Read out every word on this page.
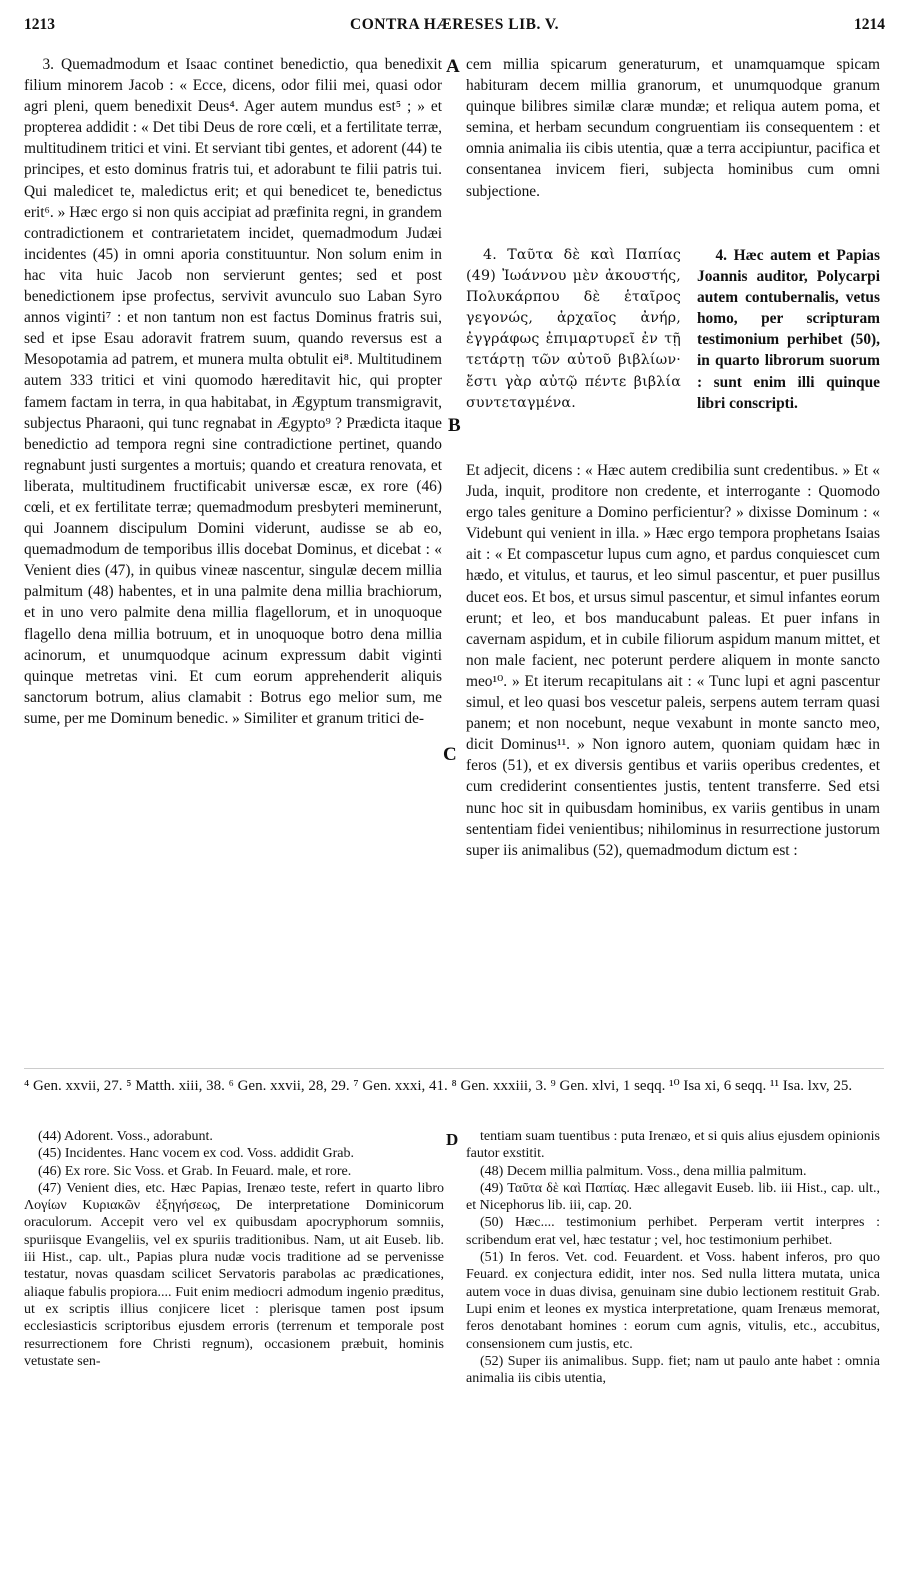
1213	CONTRA HÆRESES LIB. V.	1214

3. Quemadmodum et Isaac continet benedictio, qua benedixit filium minorem Jacob : « Ecce, dicens, odor filii mei, quasi odor agri pleni, quem benedixit Deus⁴. Ager autem mundus est⁵ ; » et propterea addidit : « Det tibi Deus de rore cœli, et a fertilitate terræ, multitudinem tritici et vini. Et serviant tibi gentes, et adorent (44) te principes, et esto dominus fratris tui, et adorabunt te filii patris tui. Qui maledicet te, maledictus erit; et qui benedicet te, benedictus erit⁶. » Hæc ergo si non quis accipiat ad præfinita regni, in grandem contradictionem et contrarietatem incidet, quemadmodum Judæi incidentes (45) in omni aporia constituuntur. Non solum enim in hac vita huic Jacob non servierunt gentes; sed et post benedictionem ipse profectus, servivit avunculo suo Laban Syro annos viginti⁷ : et non tantum non est factus Dominus fratris sui, sed et ipse Esau adoravit fratrem suum, quando reversus est a Mesopotamia ad patrem, et munera multa obtulit ei⁸. Multitudinem autem 333 tritici et vini quomodo hæreditavit hic, qui propter famem factam in terra, in qua habitabat, in Ægyptum transmigravit, subjectus Pharaoni, qui tunc regnabat in Ægypto⁹ ? Prædicta itaque benedictio ad tempora regni sine contradictione pertinet, quando regnabunt justi surgentes a mortuis; quando et creatura renovata, et liberata, multitudinem fructificabit universæ escæ, ex rore (46) cœli, et ex fertilitate terræ; quemadmodum presbyteri meminerunt, qui Joannem discipulum Domini viderunt, audisse se ab eo, quemadmodum de temporibus illis docebat Dominus, et dicebat : « Venient dies (47), in quibus vineæ nascentur, singulæ decem millia palmitum (48) habentes, et in una palmite dena millia brachiorum, et in uno vero palmite dena millia flagellorum, et in unoquoque flagello dena millia botruum, et in unoquoque botro dena millia acinorum, et unumquodque acinum expressum dabit viginti quinque metretas vini. Et cum eorum apprehenderit aliquis sanctorum botrum, alius clamabit : Botrus ego melior sum, me sume, per me Dominum benedic. » Similiter et granum tritici de-

A
B
C

cem millia spicarum generaturum, et unamquamque spicam habituram decem millia granorum, et unumquodque granum quinque bilibres similæ claræ mundæ; et reliqua autem poma, et semina, et herbam secundum congruentiam iis consequentem : et omnia animalia iis cibis utentia, quæ a terra accipiuntur, pacifica et consentanea invicem fieri, subjecta hominibus cum omni subjectione.

4. Ταῦτα δὲ καὶ Παπίας (49) Ἰωάννου μὲν ἀκουστής, Πολυκάρπου δὲ ἑταῖρος γεγονώς, ἀρχαῖος ἀνήρ, ἐγγράφως ἐπιμαρτυρεῖ ἐν τῇ τετάρτῃ τῶν αὐτοῦ βιβλίων· ἔστι γὰρ αὐτῷ πέντε βιβλία συντεταγμένα.

4. Hæc autem et Papias Joannis auditor, Polycarpi autem contubernalis, vetus homo, per scripturam testimonium perhibet (50), in quarto librorum suorum : sunt enim illi quinque libri conscripti.

Et adjecit, dicens : « Hæc autem credibilia sunt credentibus. » Et « Juda, inquit, proditore non credente, et interrogante : Quomodo ergo tales geniture a Domino perficientur? » dixisse Dominum : « Videbunt qui venient in illa. » Hæc ergo tempora prophetans Isaias ait : « Et compascetur lupus cum agno, et pardus conquiescet cum hædo, et vitulus, et taurus, et leo simul pascentur, et puer pusillus ducet eos. Et bos, et ursus simul pascentur, et simul infantes eorum erunt; et leo, et bos manducabunt paleas. Et puer infans in cavernam aspidum, et in cubile filiorum aspidum manum mittet, et non male facient, nec poterunt perdere aliquem in monte sancto meo¹⁰. » Et iterum recapitulans ait : « Tunc lupi et agni pascentur simul, et leo quasi bos vescetur paleis, serpens autem terram quasi panem; et non nocebunt, neque vexabunt in monte sancto meo, dicit Dominus¹¹. » Non ignoro autem, quoniam quidam hæc in feros (51), et ex diversis gentibus et variis operibus credentes, et cum crediderint consentientes justis, tentent transferre. Sed etsi nunc hoc sit in quibusdam hominibus, ex variis gentibus in unam sententiam fidei venientibus; nihilominus in resurrectione justorum super iis animalibus (52), quemadmodum dictum est :

⁴ Gen. xxvii, 27. ⁵ Matth. xiii, 38. ⁶ Gen. xxvii, 28, 29. ⁷ Gen. xxxi, 41. ⁸ Gen. xxxiii, 3. ⁹ Gen. xlvi, 1 seqq. ¹⁰ Isa xi, 6 seqq. ¹¹ Isa. lxv, 25.

D

(44) Adorent. Voss., adorabunt.

(45) Incidentes. Hanc vocem ex cod. Voss. addidit Grab.

(46) Ex rore. Sic Voss. et Grab. In Feuard. male, et rore.

(47) Venient dies, etc. Hæc Papias, Irenæo teste, refert in quarto libro Λογίων Κυριακῶν ἐξηγήσεως, De interpretatione Dominicorum oraculorum. Accepit vero vel ex quibusdam apocryphorum somniis, spuriisque Evangeliis, vel ex spuriis traditionibus. Nam, ut ait Euseb. lib. iii Hist., cap. ult., Papias plura nudæ vocis traditione ad se pervenisse testatur, novas quasdam scilicet Servatoris parabolas ac prædicationes, aliaque fabulis propiora.... Fuit enim mediocri admodum ingenio præditus, ut ex scriptis illius conjicere licet : plerisque tamen post ipsum ecclesiasticis scriptoribus ejusdem erroris (terrenum et temporale post resurrectionem fore Christi regnum), occasionem præbuit, hominis vetustate sen-

tentiam suam tuentibus : puta Irenæo, et si quis alius ejusdem opinionis fautor exstitit.

(48) Decem millia palmitum. Voss., dena millia palmitum.

(49) Ταῦτα δὲ καὶ Παπίας. Hæc allegavit Euseb. lib. iii Hist., cap. ult., et Nicephorus lib. iii, cap. 20.

(50) Hæc.... testimonium perhibet. Perperam vertit interpres : scribendum erat vel, hæc testatur ; vel, hoc testimonium perhibet.

(51) In feros. Vet. cod. Feuardent. et Voss. habent inferos, pro quo Feuard. ex conjectura edidit, inter nos. Sed nulla littera mutata, unica autem voce in duas divisa, genuinam sine dubio lectionem restituit Grab. Lupi enim et leones ex mystica interpretatione, quam Irenæus memorat, feros denotabant homines : eorum cum agnis, vitulis, etc., accubitus, consensionem cum justis, etc.

(52) Super iis animalibus. Supp. fiet; nam ut paulo ante habet : omnia animalia iis cibis utentia,
